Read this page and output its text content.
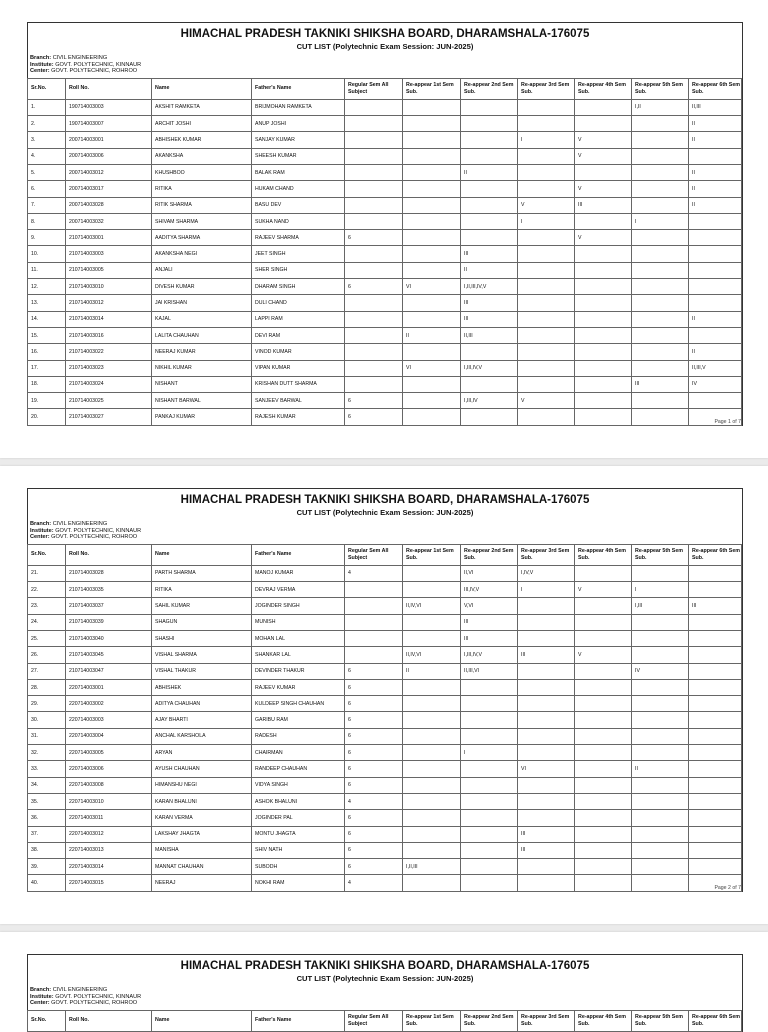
HIMACHAL PRADESH TAKNIKI SHIKSHA BOARD, DHARAMSHALA-176075
CUT LIST (Polytechnic Exam Session: JUN-2025)
Branch: CIVIL ENGINEERING
Institute: GOVT. POLYTECHNIC, KINNAUR
Center: GOVT. POLYTECHNIC, ROHROO
Sr.No.	Roll No.	Name	Father's Name	Regular Sem All Subject	Re-appear 1st Sem Sub.	Re-appear 2nd Sem Sub.	Re-appear 3rd Sem Sub.	Re-appear 4th Sem Sub.	Re-appear 5th Sem Sub.	Re-appear 6th Sem Sub.
1.	190714003003	AKSHIT RAMKETA	BRIJMOHAN RAMKETA						I,II	II,III
2.	190714003007	ARCHIT JOSHI	ANUP JOSHI							II
3.	200714003001	ABHISHEK KUMAR	SANJAY KUMAR				I	V		II
4.	200714003006	AKANKSHA	SHEESH KUMAR					V		
5.	200714003012	KHUSHBOO	BALAK RAM			II				II
6.	200714003017	RITIKA	HUKAM CHAND					V		II
7.	200714003028	RITIK SHARMA	BASU DEV				V	III		II
8.	200714003032	SHIVAM SHARMA	SUKHA NAND				I		I	
9.	210714003001	AADITYA SHARMA	RAJEEV SHARMA	6				V		
10.	210714003003	AKANKSHA NEGI	JEET SINGH			III				
11.	210714003005	ANJALI	SHER SINGH			II				
12.	210714003010	DIVESH KUMAR	DHARAM SINGH	6	VI	I,II,III,IV,V				
13.	210714003012	JAI KRISHAN	DULI CHAND			III				
14.	210714003014	KAJAL	LAPPI RAM			III				II
15.	210714003016	LALITA CHAUHAN	DEVI RAM		II	II,III				
16.	210714003022	NEERAJ KUMAR	VINOD KUMAR							II
17.	210714003023	NIKHIL KUMAR	VIPAN KUMAR		VI	I,III,IV,V				II,III,V
18.	210714003024	NISHANT	KRISHAN DUTT SHARMA						III	IV
19.	210714003025	NISHANT BARWAL	SANJEEV BARWAL	6		I,III,IV	V			
20.	210714003027	PANKAJ KUMAR	RAJESH KUMAR	6						
Page 1 of 7
HIMACHAL PRADESH TAKNIKI SHIKSHA BOARD, DHARAMSHALA-176075
CUT LIST (Polytechnic Exam Session: JUN-2025)
Branch: CIVIL ENGINEERING
Institute: GOVT. POLYTECHNIC, KINNAUR
Center: GOVT. POLYTECHNIC, ROHROO
Sr.No.	Roll No.	Name	Father's Name	Regular Sem All Subject	Re-appear 1st Sem Sub.	Re-appear 2nd Sem Sub.	Re-appear 3rd Sem Sub.	Re-appear 4th Sem Sub.	Re-appear 5th Sem Sub.	Re-appear 6th Sem Sub.
21.	210714003028	PARTH SHARMA	MANOJ KUMAR	4		II,VI	I,IV,V			
22.	210714003035	RITIKA	DEVRAJ VERMA			III,IV,V	I	V	I	
23.	210714003037	SAHIL KUMAR	JOGINDER SINGH		II,IV,VI	V,VI			I,III	III
24.	210714003039	SHAGUN	MUNISH			III				
25.	210714003040	SHASHI	MOHAN LAL			III				
26.	210714003045	VISHAL SHARMA	SHANKAR LAL		II,IV,VI	I,III,IV,V	III	V		
27.	210714003047	VISHAL THAKUR	DEVINDER THAKUR	6	II	II,III,VI			IV	
28.	220714003001	ABHISHEK	RAJEEV KUMAR	6						
29.	220714003002	ADITYA CHAUHAN	KULDEEP SINGH CHAUHAN	6						
30.	220714003003	AJAY BHARTI	GARIBU RAM	6						
31.	220714003004	ANCHAL KARSHOLA	RADESH	6						
32.	220714003005	ARYAN	CHAIRMAN	6		I				
33.	220714003006	AYUSH CHAUHAN	RANDEEP CHAUHAN	6			VI		II	
34.	220714003008	HIMANSHU NEGI	VIDYA SINGH	6						
35.	220714003010	KARAN BHALUNI	ASHOK BHALUNI	4						
36.	220714003011	KARAN VERMA	JOGINDER PAL	6						
37.	220714003012	LAKSHAY JHAGTA	MONTU JHAGTA	6			III			
38.	220714003013	MANISHA	SHIV NATH	6			III			
39.	220714003014	MANNAT CHAUHAN	SUBODH	6	I,II,III					
40.	220714003015	NEERAJ	NOKHI RAM	4						
Page 2 of 7
HIMACHAL PRADESH TAKNIKI SHIKSHA BOARD, DHARAMSHALA-176075
CUT LIST (Polytechnic Exam Session: JUN-2025)
Branch: CIVIL ENGINEERING
Institute: GOVT. POLYTECHNIC, KINNAUR
Center: GOVT. POLYTECHNIC, ROHROO
Sr.No.	Roll No.	Name	Father's Name	Regular Sem All Subject	Re-appear 1st Sem Sub.	Re-appear 2nd Sem Sub.	Re-appear 3rd Sem Sub.	Re-appear 4th Sem Sub.	Re-appear 5th Sem Sub.	Re-appear 6th Sem Sub.
